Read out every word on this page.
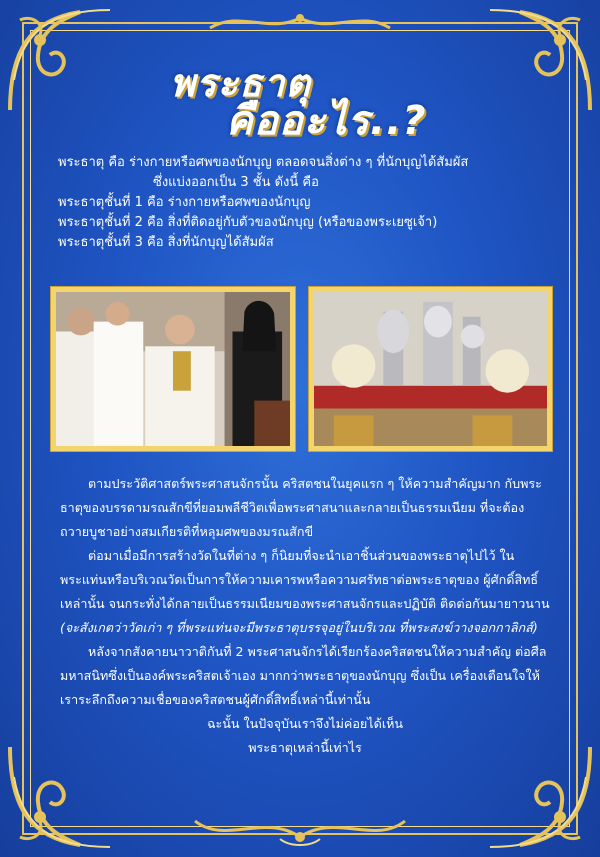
พระธาตุ
คืออะไร..?
พระธาตุ คือ ร่างกายหรือศพของนักบุญ ตลอดจนสิ่งต่าง ๆ ที่นักบุญได้สัมผัส
ซึ่งแบ่งออกเป็น 3 ชั้น ดังนี้ คือ
พระธาตุชั้นที่ 1 คือ ร่างกายหรือศพของนักบุญ
พระธาตุชั้นที่ 2 คือ สิ่งที่ติดอยู่กับตัวของนักบุญ (หรือของพระเยซูเจ้า)
พระธาตุชั้นที่ 3 คือ สิ่งที่นักบุญได้สัมผัส

ตามประวัติศาสตร์พระศาสนจักรนั้น คริสตชนในยุคแรก ๆ ให้ความสำคัญมาก กับพระธาตุของบรรดามรณสักขีที่ยอมพลีชีวิตเพื่อพระศาสนาและกลายเป็นธรรมเนียม ที่จะต้องถวายบูชาอย่างสมเกียรติที่หลุมศพของมรณสักขี

ต่อมาเมื่อมีการสร้างวัดในที่ต่าง ๆ ก็นิยมที่จะนำเอาชิ้นส่วนของพระธาตุไปไว้ ในพระแท่นหรือบริเวณวัดเป็นการให้ความเคารพหรือความศรัทธาต่อพระธาตุของ ผู้ศักดิ์สิทธิ์เหล่านั้น จนกระทั่งได้กลายเป็นธรรมเนียมของพระศาสนจักรและปฏิบัติ ติดต่อกันมายาวนาน (จะสังเกตว่าวัดเก่า ๆ ที่พระแท่นจะมีพระธาตุบรรจุอยู่ในบริเวณ ที่พระสงฆ์วางจอกกาลิกส์)

หลังจากสังคายนาวาติกันที่ 2 พระศาสนจักรได้เรียกร้องคริสตชนให้ความสำคัญ ต่อศีลมหาสนิทซึ่งเป็นองค์พระคริสตเจ้าเอง มากกว่าพระธาตุของนักบุญ ซึ่งเป็น เครื่องเตือนใจให้เราระลึกถึงความเชื่อของคริสตชนผู้ศักดิ์สิทธิ์เหล่านี้เท่านั้น

ฉะนั้น ในปัจจุบันเราจึงไม่ค่อยได้เห็น

พระธาตุเหล่านี้เท่าไร
